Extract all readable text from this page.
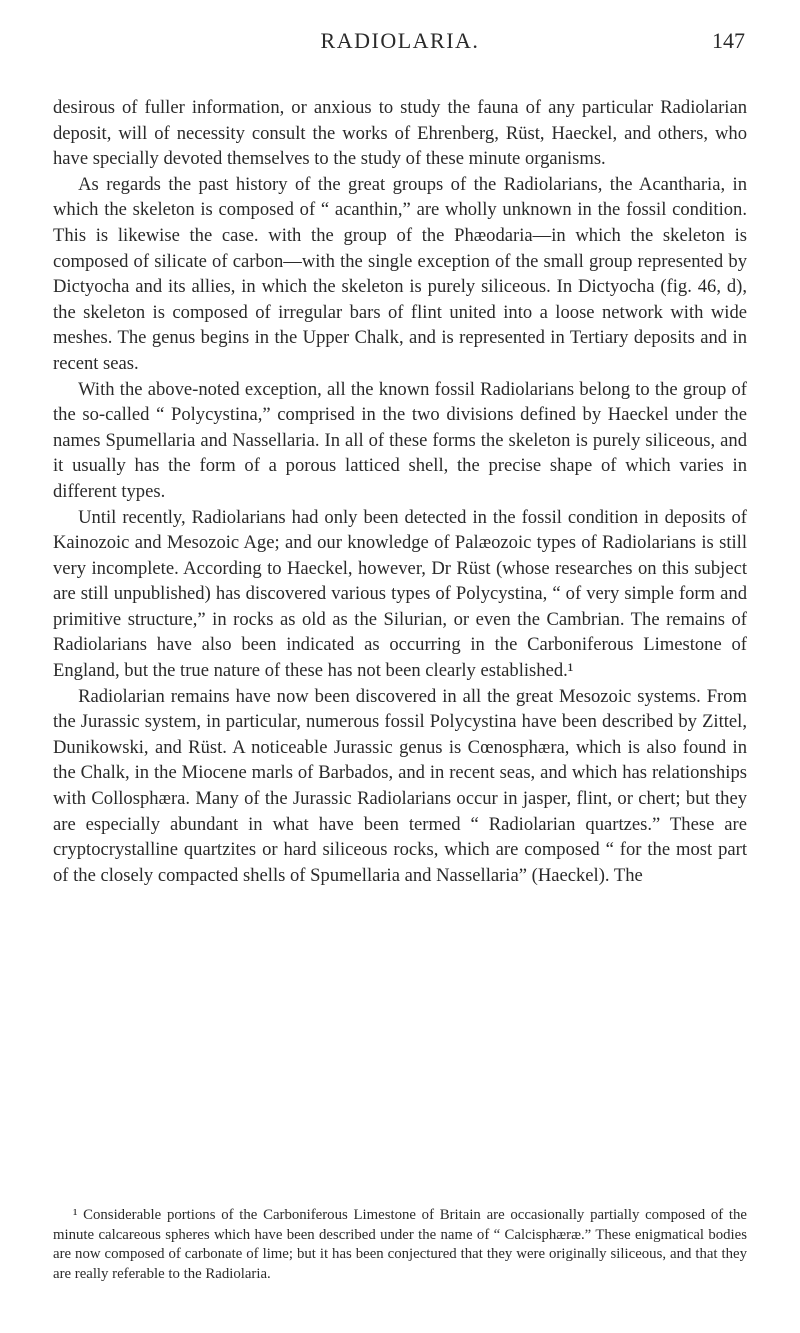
RADIOLARIA.	147

desirous of fuller information, or anxious to study the fauna of any particular Radiolarian deposit, will of necessity consult the works of Ehrenberg, Rüst, Haeckel, and others, who have specially devoted themselves to the study of these minute organisms.

As regards the past history of the great groups of the Radiolarians, the Acantharia, in which the skeleton is composed of “ acanthin,” are wholly unknown in the fossil condition. This is likewise the case. with the group of the Phæodaria—in which the skeleton is composed of silicate of carbon—with the single exception of the small group represented by Dictyocha and its allies, in which the skeleton is purely siliceous. In Dictyocha (fig. 46, d), the skeleton is composed of irregular bars of flint united into a loose network with wide meshes. The genus begins in the Upper Chalk, and is represented in Tertiary deposits and in recent seas.

With the above-noted exception, all the known fossil Radiolarians belong to the group of the so-called “ Polycystina,” comprised in the two divisions defined by Haeckel under the names Spumellaria and Nassellaria. In all of these forms the skeleton is purely siliceous, and it usually has the form of a porous latticed shell, the precise shape of which varies in different types.

Until recently, Radiolarians had only been detected in the fossil condition in deposits of Kainozoic and Mesozoic Age; and our knowledge of Palæozoic types of Radiolarians is still very incomplete. According to Haeckel, however, Dr Rüst (whose researches on this subject are still unpublished) has discovered various types of Polycystina, “ of very simple form and primitive structure,” in rocks as old as the Silurian, or even the Cambrian. The remains of Radiolarians have also been indicated as occurring in the Carboniferous Limestone of England, but the true nature of these has not been clearly established.¹

Radiolarian remains have now been discovered in all the great Mesozoic systems. From the Jurassic system, in particular, numerous fossil Polycystina have been described by Zittel, Dunikowski, and Rüst. A noticeable Jurassic genus is Cœnosphæra, which is also found in the Chalk, in the Miocene marls of Barbados, and in recent seas, and which has relationships with Collosphæra. Many of the Jurassic Radiolarians occur in jasper, flint, or chert; but they are especially abundant in what have been termed “ Radiolarian quartzes.” These are cryptocrystalline quartzites or hard siliceous rocks, which are composed “ for the most part of the closely compacted shells of Spumellaria and Nassellaria” (Haeckel). The

¹ Considerable portions of the Carboniferous Limestone of Britain are occasionally partially composed of the minute calcareous spheres which have been described under the name of “ Calcisphæræ.” These enigmatical bodies are now composed of carbonate of lime; but it has been conjectured that they were originally siliceous, and that they are really referable to the Radiolaria.
